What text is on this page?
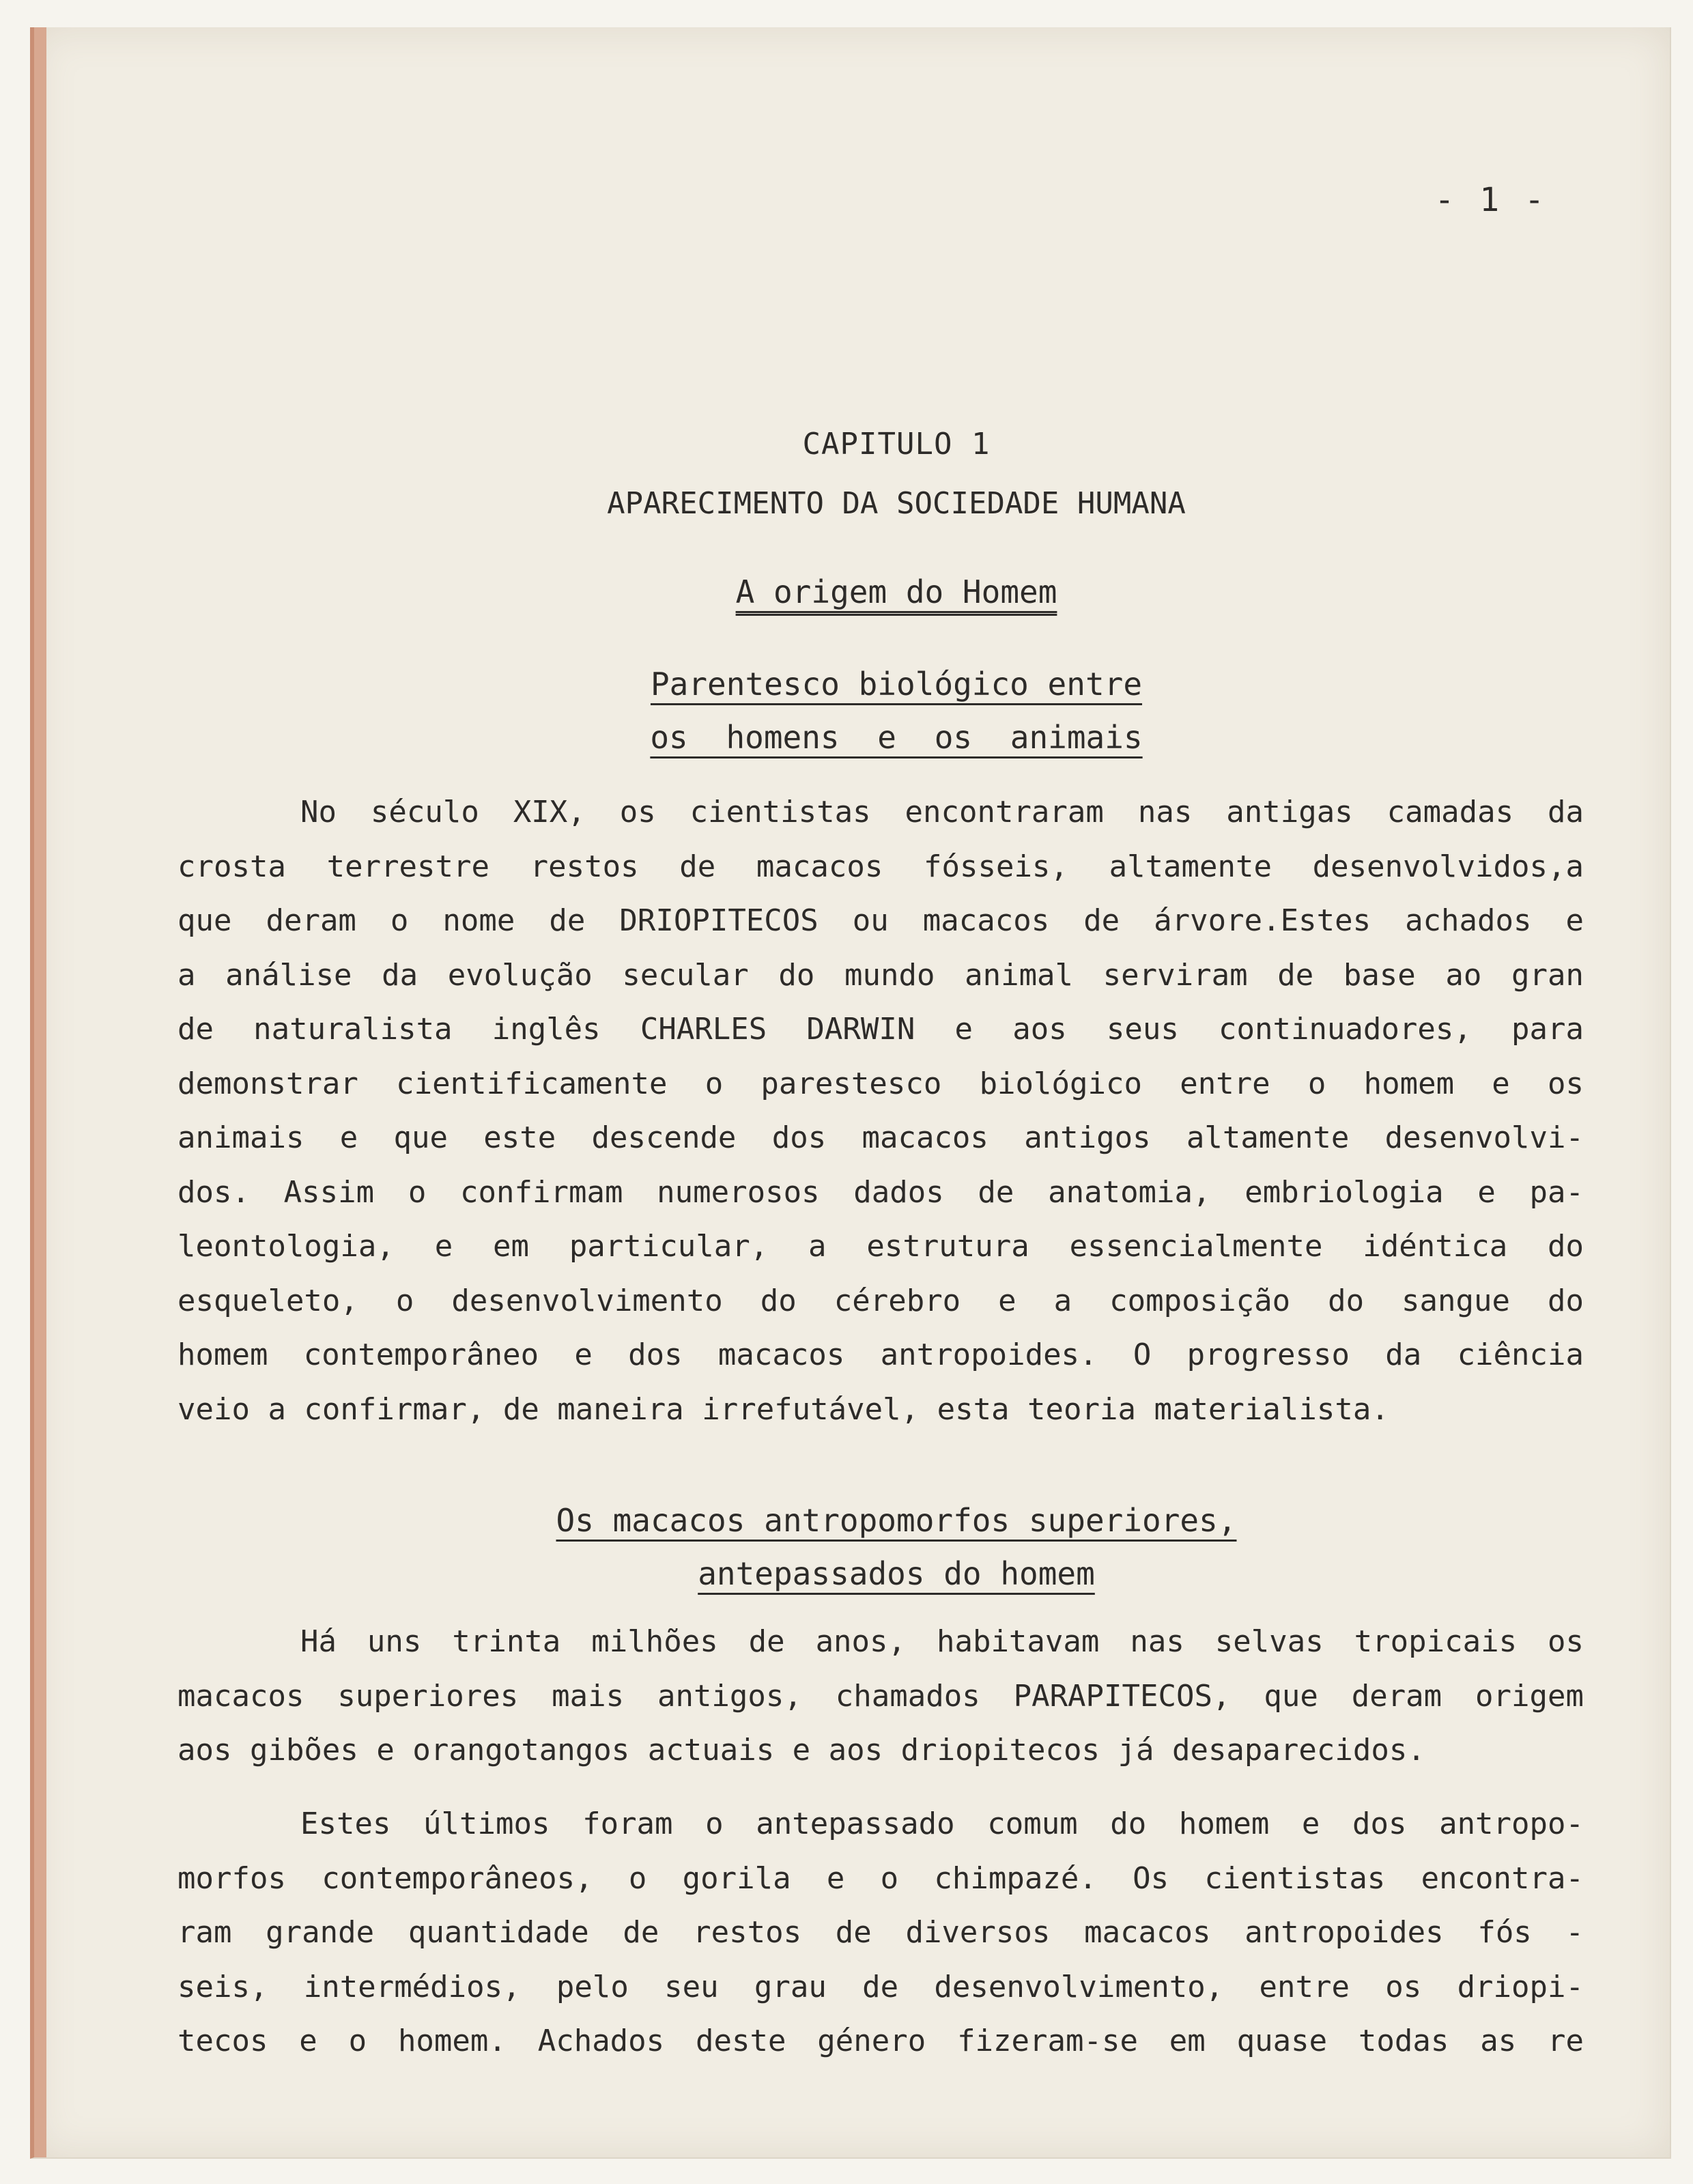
- 1 -
CAPITULO 1
APARECIMENTO DA SOCIEDADE HUMANA
A origem do Homem
Parentesco biológico entre
os homens e os animais
No século XIX, os cientistas encontraram nas antigas camadas da
crosta terrestre restos de macacos fósseis, altamente desenvolvidos,a
que deram o nome de DRIOPITECOS ou macacos de árvore.Estes achados e
a análise da evolução secular do mundo animal serviram de base ao gran
de naturalista inglês CHARLES DARWIN e aos seus continuadores, para
demonstrar cientificamente o parestesco biológico entre o homem e os
animais e que este descende dos macacos antigos altamente desenvolvi-
dos. Assim o confirmam numerosos dados de anatomia, embriologia e pa-
leontologia, e em particular, a estrutura essencialmente idéntica do
esqueleto, o desenvolvimento do cérebro e a composição do sangue do
homem contemporâneo e dos macacos antropoides. O progresso da ciência
veio a confirmar, de maneira irrefutável, esta teoria materialista.
Os macacos antropomorfos superiores,
antepassados do homem
Há uns trinta milhões de anos, habitavam nas selvas tropicais os
macacos superiores mais antigos, chamados PARAPITECOS, que deram origem
aos gibões e orangotangos actuais e aos driopitecos já desaparecidos.
Estes últimos foram o antepassado comum do homem e dos antropo-
morfos contemporâneos, o gorila e o chimpazé. Os cientistas encontra-
ram grande quantidade de restos de diversos macacos antropoides fós -
seis, intermédios, pelo seu grau de desenvolvimento, entre os driopi-
tecos e o homem. Achados deste género fizeram-se em quase todas as re
